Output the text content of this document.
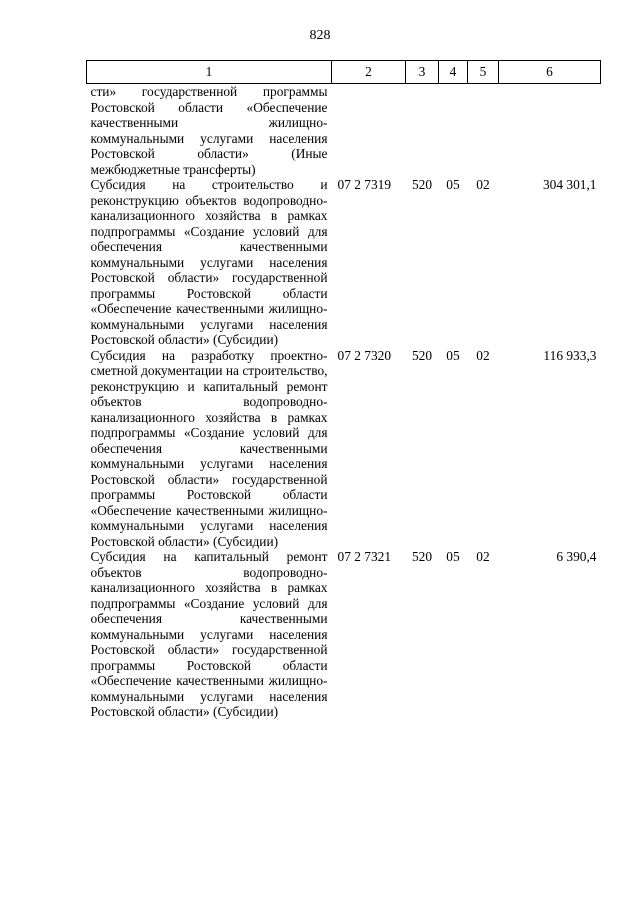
828
1	2	3	4	5	6
сти» государственной программы Ростовской области «Обеспечение качественными жилищно-коммунальными услугами населения Ростовской области» (Иные межбюджетные трансферты)					
Субсидия на строительство и реконструкцию объектов водопроводно-канализационного хозяйства в рамках подпрограммы «Создание условий для обеспечения качественными коммунальными услугами населения Ростовской области» государственной программы Ростовской области «Обеспечение качественными жилищно-коммунальными услугами населения Ростовской области» (Субсидии)	07 2 7319	520	05	02	304 301,1
Субсидия на разработку проектно-сметной документации на строительство, реконструкцию и капитальный ремонт объектов водопроводно-канализационного хозяйства в рамках подпрограммы «Создание условий для обеспечения качественными коммунальными услугами населения Ростовской области» государственной программы Ростовской области «Обеспечение качественными жилищно-коммунальными услугами населения Ростовской области» (Субсидии)	07 2 7320	520	05	02	116 933,3
Субсидия на капитальный ремонт объектов водопроводно-канализационного хозяйства в рамках подпрограммы «Создание условий для обеспечения качественными коммунальными услугами населения Ростовской области» государственной программы Ростовской области «Обеспечение качественными жилищно-коммунальными услугами населения Ростовской области» (Субсидии)	07 2 7321	520	05	02	6 390,4
